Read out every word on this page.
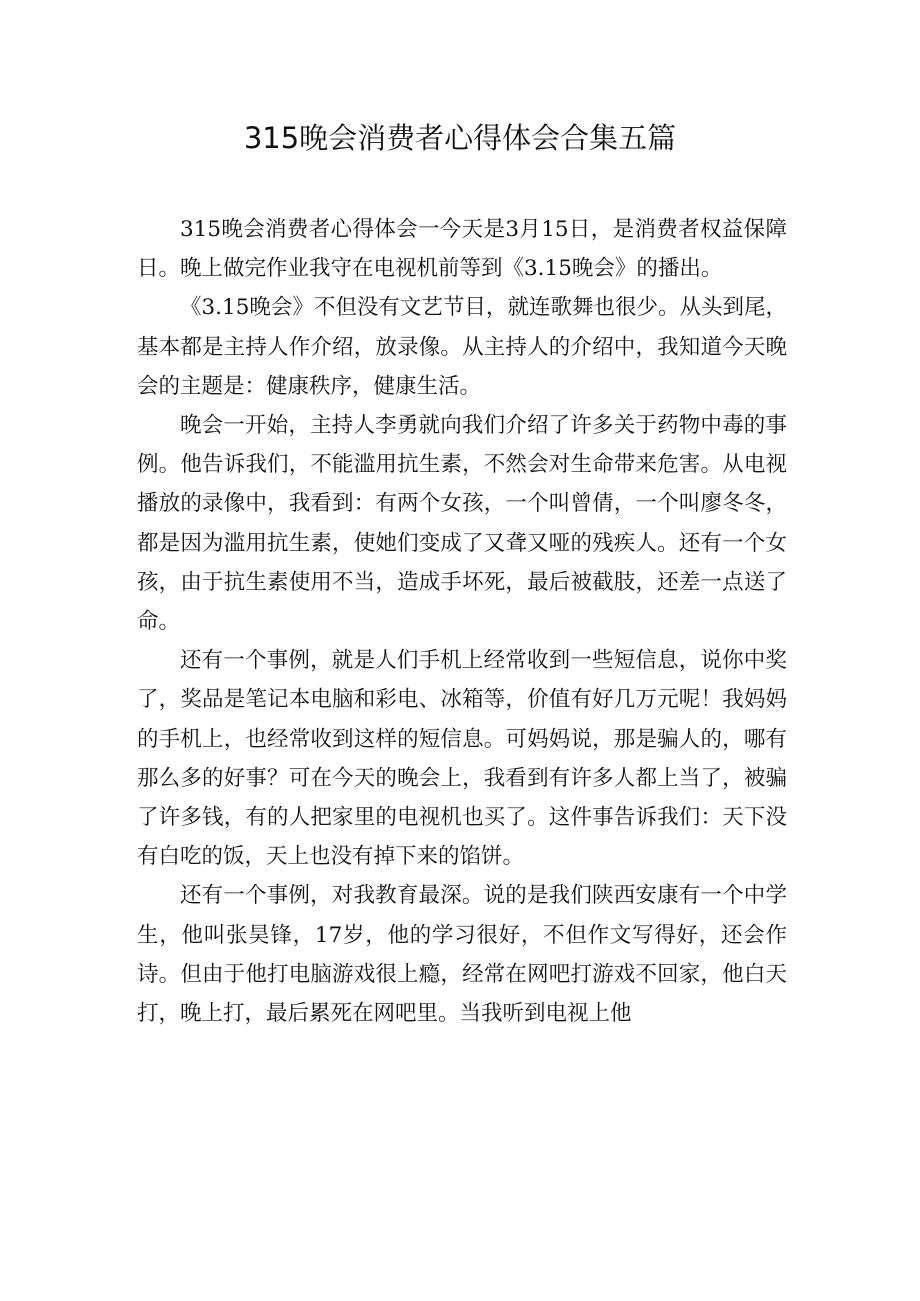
315晚会消费者心得体会合集五篇

315晚会消费者心得体会一今天是3月15日，是消费者权益保障日。晚上做完作业我守在电视机前等到《3.15晚会》的播出。

《3.15晚会》不但没有文艺节目，就连歌舞也很少。从头到尾，基本都是主持人作介绍，放录像。从主持人的介绍中，我知道今天晚会的主题是：健康秩序，健康生活。

晚会一开始，主持人李勇就向我们介绍了许多关于药物中毒的事例。他告诉我们，不能滥用抗生素，不然会对生命带来危害。从电视播放的录像中，我看到：有两个女孩，一个叫曾倩，一个叫廖冬冬，都是因为滥用抗生素，使她们变成了又聋又哑的残疾人。还有一个女孩，由于抗生素使用不当，造成手坏死，最后被截肢，还差一点送了命。

还有一个事例，就是人们手机上经常收到一些短信息，说你中奖了，奖品是笔记本电脑和彩电、冰箱等，价值有好几万元呢！我妈妈的手机上，也经常收到这样的短信息。可妈妈说，那是骗人的，哪有那么多的好事？可在今天的晚会上，我看到有许多人都上当了，被骗了许多钱，有的人把家里的电视机也买了。这件事告诉我们：天下没有白吃的饭，天上也没有掉下来的馅饼。

还有一个事例，对我教育最深。说的是我们陕西安康有一个中学生，他叫张昊锋，17岁，他的学习很好，不但作文写得好，还会作诗。但由于他打电脑游戏很上瘾，经常在网吧打游戏不回家，他白天打，晚上打，最后累死在网吧里。当我听到电视上他
